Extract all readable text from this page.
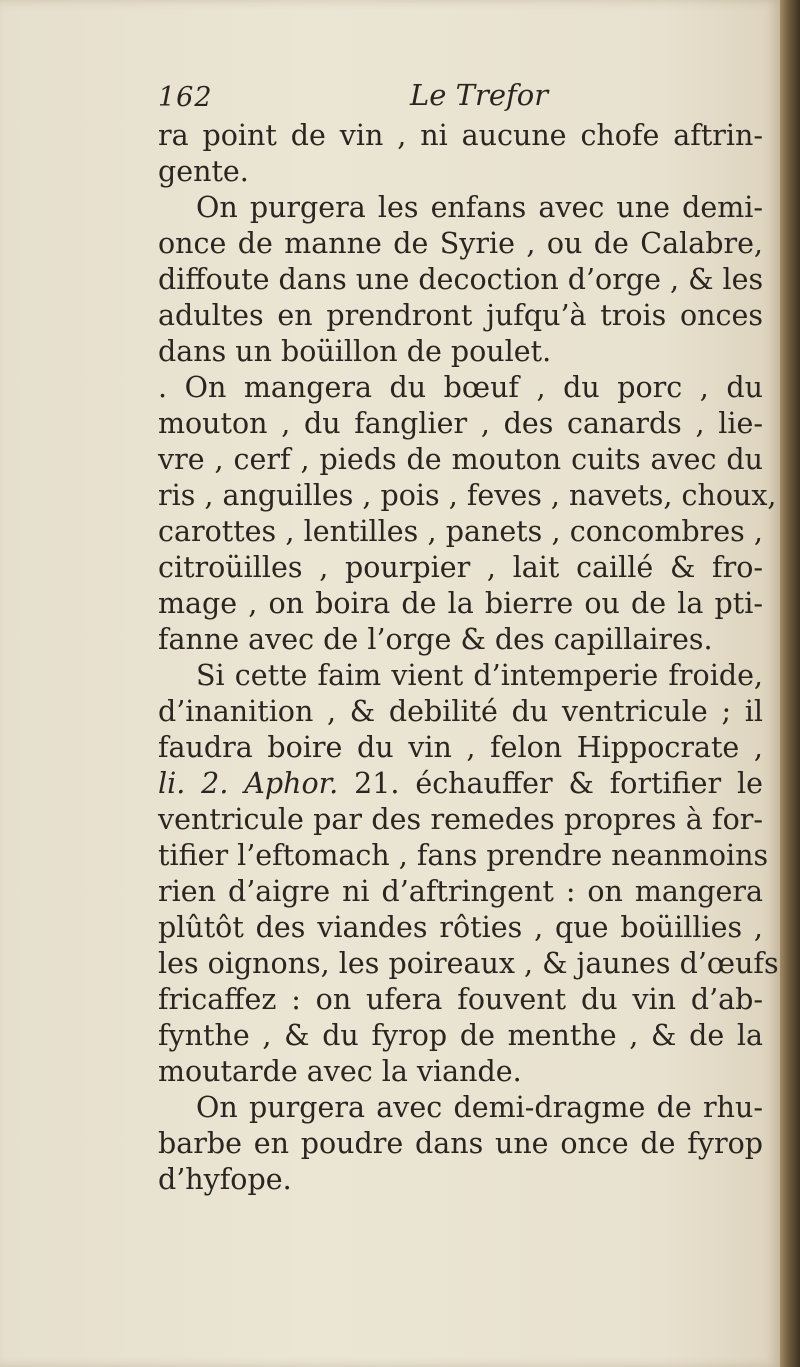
162	Le Trefor

ra point de vin , ni aucune chofe aftrin-
gente.

On purgera les enfans avec une demi-
once de manne de Syrie , ou de Calabre,
diffoute dans une decoction d’orge , & les
adultes en prendront jufqu’à trois onces
dans un boüillon de poulet.

. On mangera du bœuf , du porc , du
mouton , du fanglier , des canards , lie-
vre , cerf , pieds de mouton cuits avec du
ris , anguilles , pois , feves , navets, choux,
carottes , lentilles , panets , concombres ,
citroüilles , pourpier , lait caillé & fro-
mage , on boira de la bierre ou de la pti-
fanne avec de l’orge & des capillaires.

Si cette faim vient d’intemperie froide,
d’inanition , & debilité du ventricule ; il
faudra boire du vin , felon Hippocrate ,
li. 2. Aphor. 21. échauffer & fortifier le
ventricule par des remedes propres à for-
tifier l’eftomach , fans prendre neanmoins
rien d’aigre ni d’aftringent : on mangera
plûtôt des viandes rôties , que boüillies ,
les oignons, les poireaux , & jaunes d’œufs
fricaffez : on ufera fouvent du vin d’ab-
fynthe , & du fyrop de menthe , & de la
moutarde avec la viande.

On purgera avec demi-dragme de rhu-
barbe en poudre dans une once de fyrop
d’hyfope.
